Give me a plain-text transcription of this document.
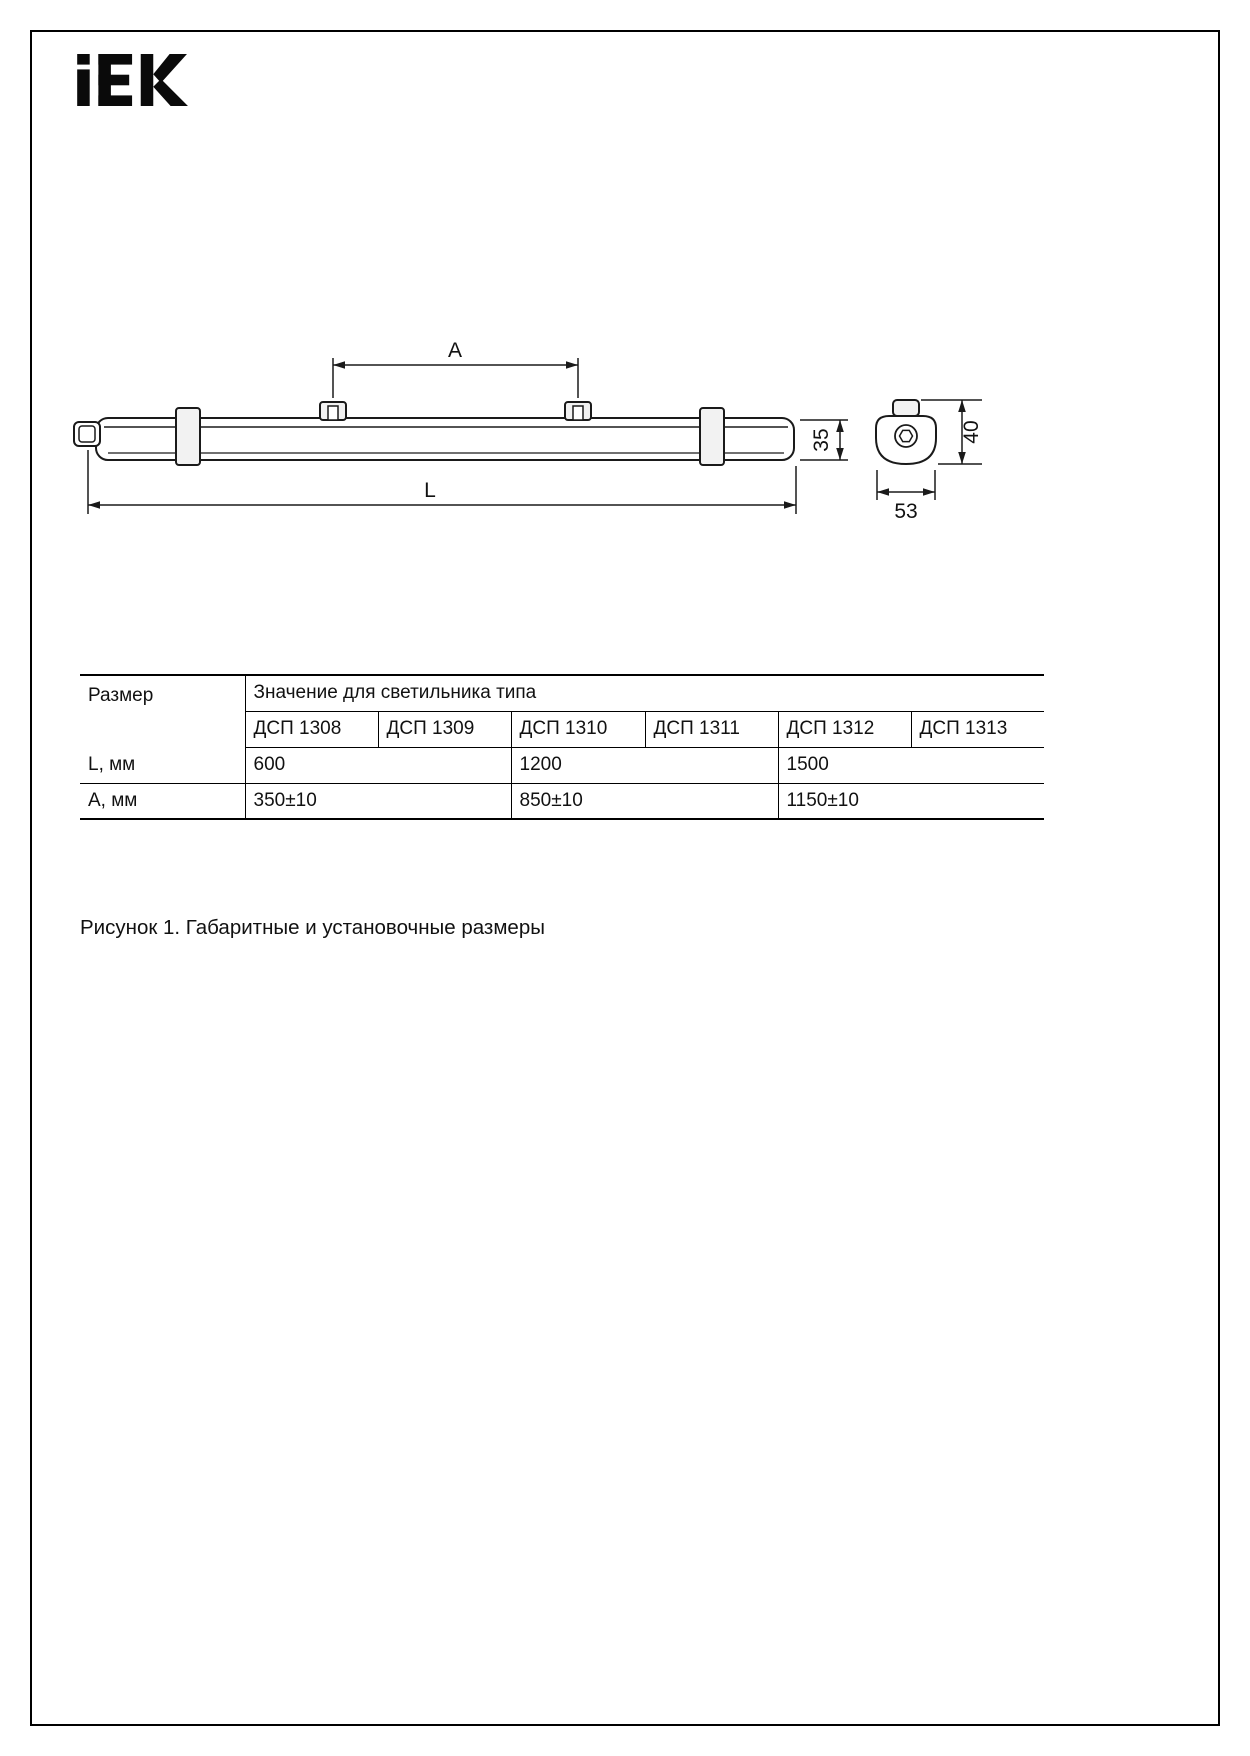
A
L
35	40
53
Размер	Значение для светильника типа					
	ДСП 1308	ДСП 1309	ДСП 1310	ДСП 1311	ДСП 1312	ДСП 1313
L, мм	600		1200		1500	
А, мм	350±10		850±10		1150±10	
Рисунок 1. Габаритные и установочные размеры
